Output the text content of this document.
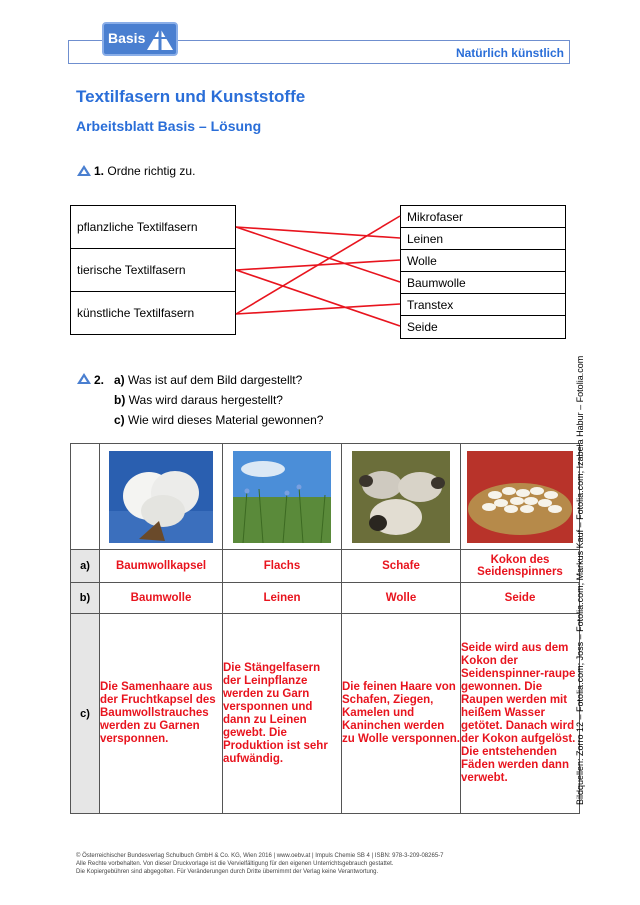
Basis
Natürlich künstlich
Textilfasern und Kunststoffe
Arbeitsblatt Basis – Lösung
1. Ordne richtig zu.
pflanzliche Textilfasern
tierische Textilfasern
künstliche Textilfasern
Mikrofaser
Leinen
Wolle
Baumwolle
Transtex
Seide
2. a) Was ist auf dem Bild dargestellt?
b) Was wird daraus hergestellt?
c) Wie wird dieses Material gewonnen?

a)	Baumwollkapsel	Flachs	Schafe	Kokon des Seidenspinners
b)	Baumwolle	Leinen	Wolle	Seide
c)	Die Samenhaare aus der Fruchtkapsel des Baumwollstrauches werden zu Garnen versponnen.	Die Stängelfasern der Leinpflanze werden zu Garn versponnen und dann zu Leinen gewebt. Die Produktion ist sehr aufwändig.	Die feinen Haare von Schafen, Ziegen, Kamelen und Kaninchen werden zu Wolle versponnen.	Seide wird aus dem Kokon der Seidenspinner-raupe gewonnen. Die Raupen werden mit heißem Wasser getötet. Danach wird der Kokon aufgelöst. Die entstehenden Fäden werden dann verwebt.	Bildquellen: Zorro 12 – Fotolia.com; Joss – Fotolia.com; Markus Kauf – Fotolia.com; Izabela Habur – Fotolia.com
© Österreichischer Bundesverlag Schulbuch GmbH & Co. KG, Wien 2016 | www.oebv.at | Impuls Chemie SB 4 | ISBN: 978-3-209-08265-7
Alle Rechte vorbehalten. Von dieser Druckvorlage ist die Vervielfältigung für den eigenen Unterrichtsgebrauch gestattet.
Die Kopiergebühren sind abgegolten. Für Veränderungen durch Dritte übernimmt der Verlag keine Verantwortung.
